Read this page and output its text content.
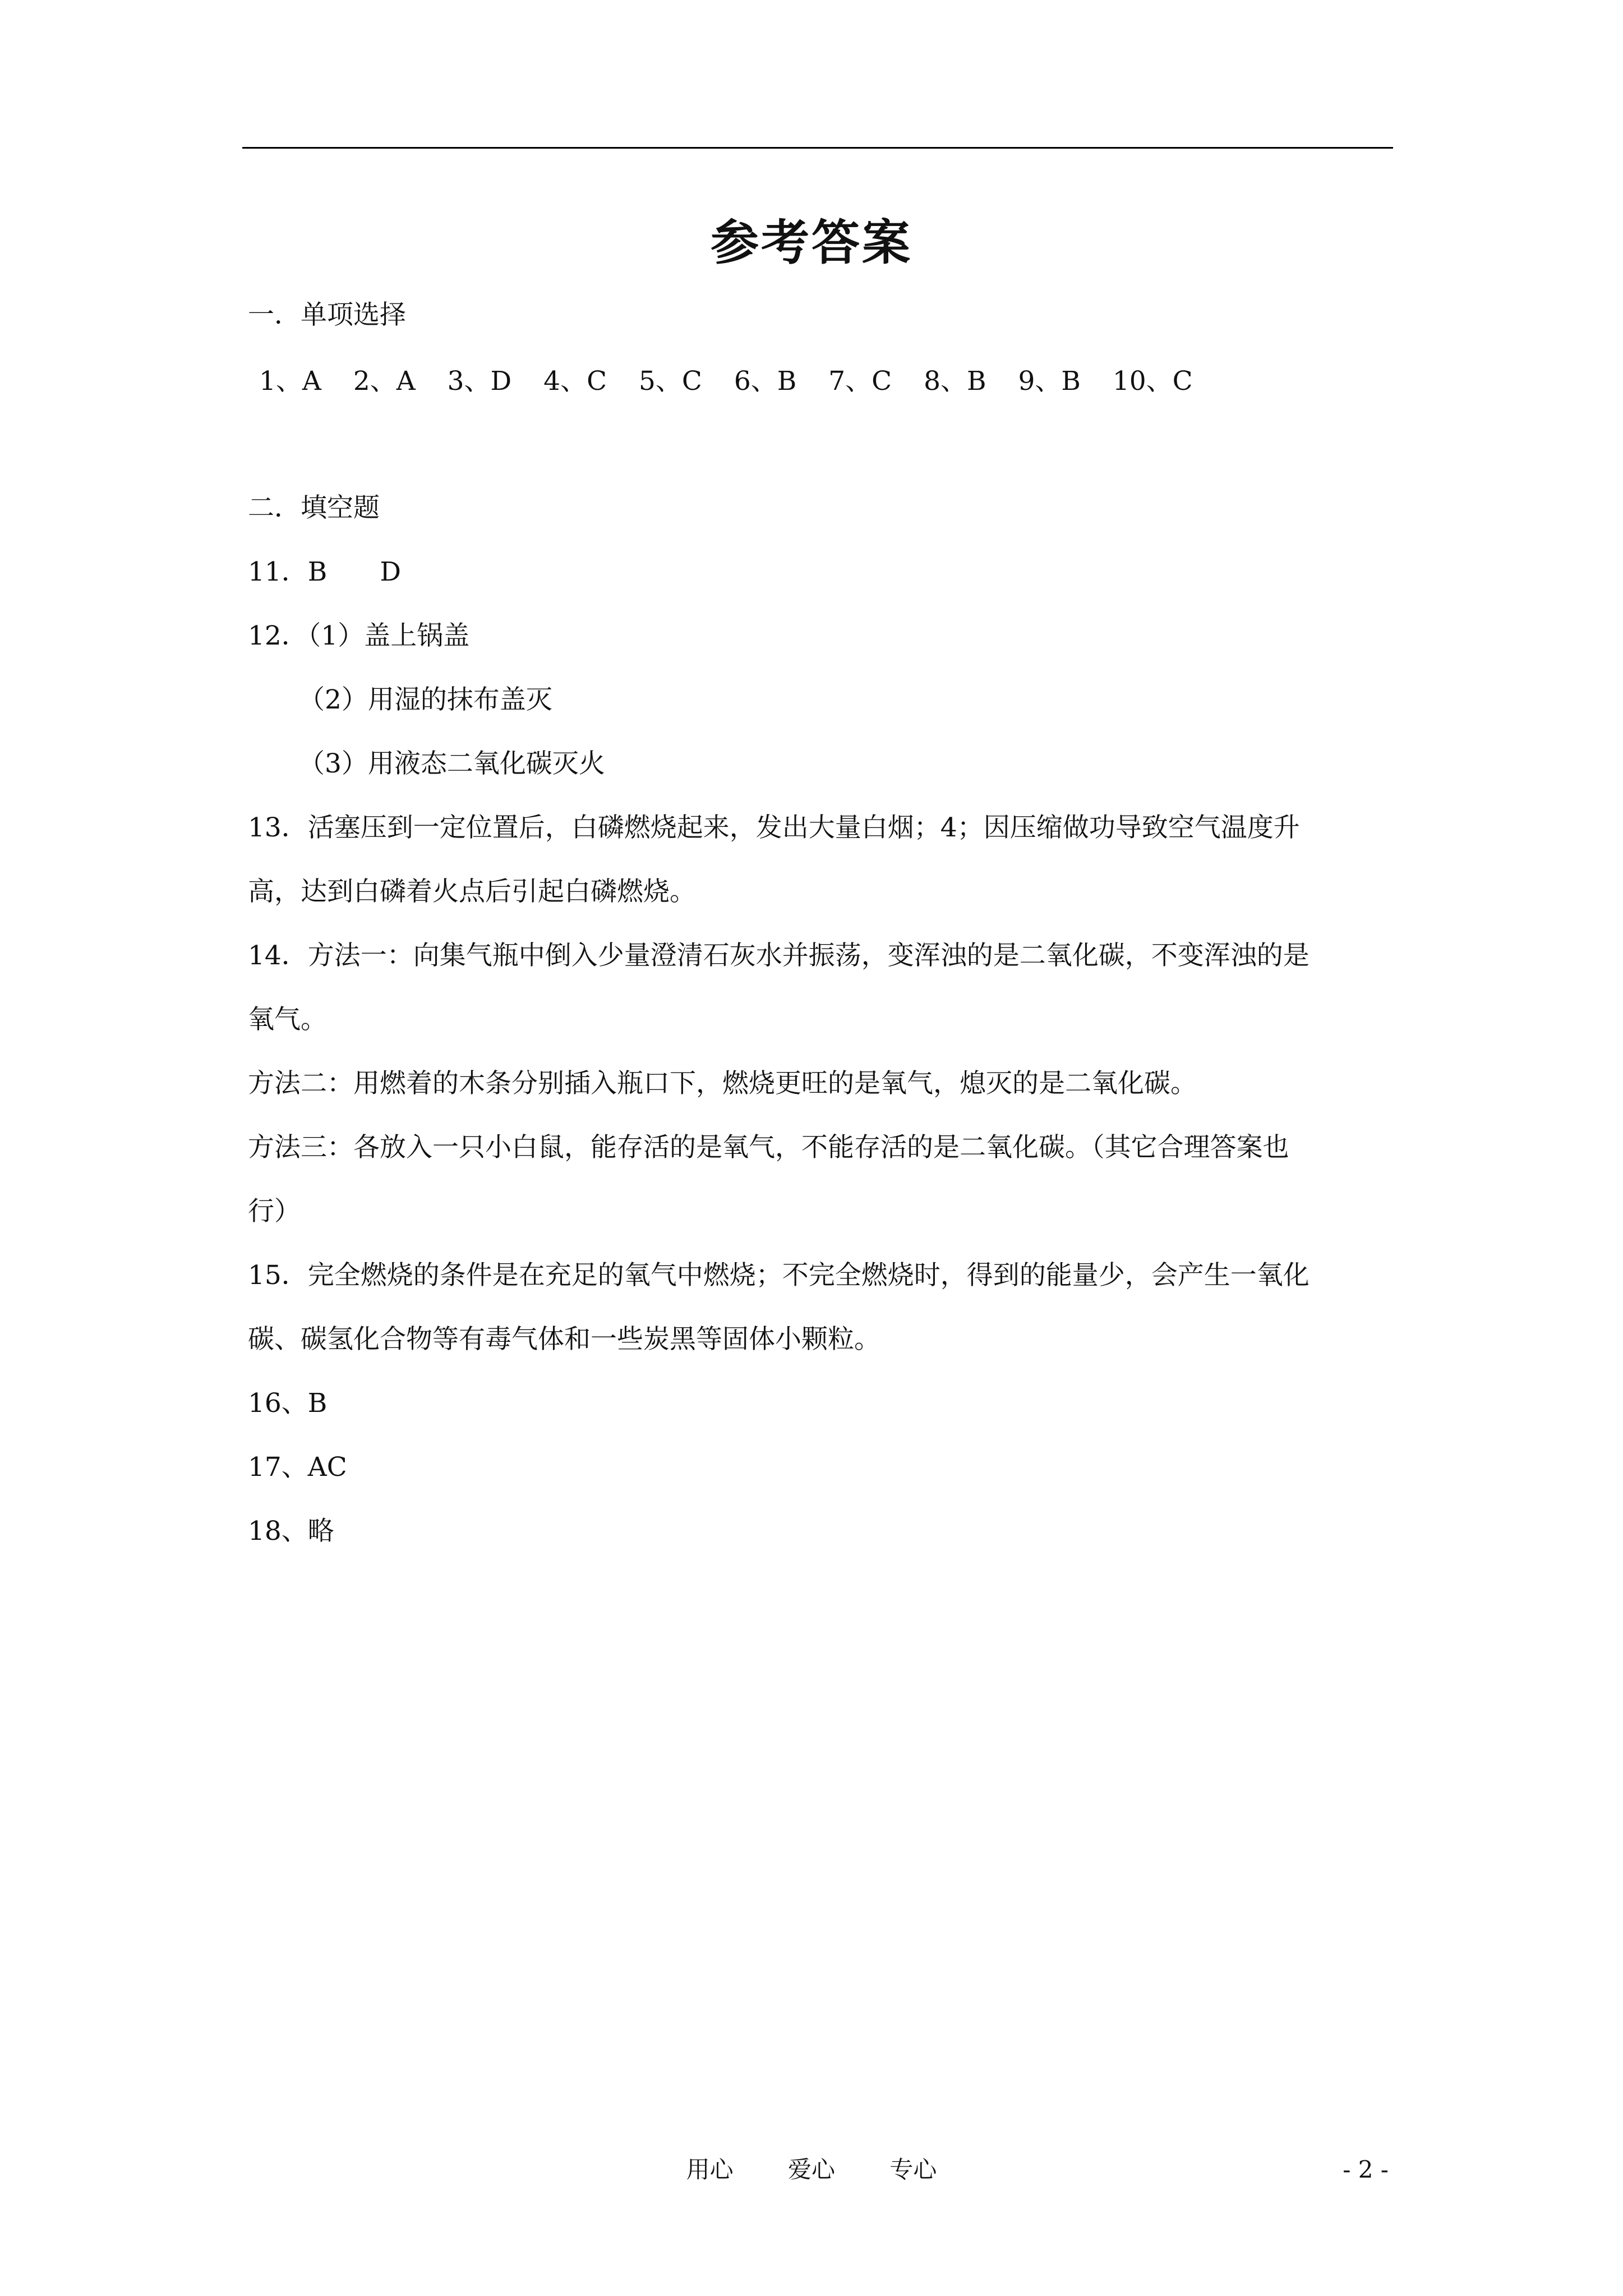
参考答案
一．单项选择
1、A 2、A 3、D 4、C 5、C 6、B 7、C 8、B 9、B 10、C
二．填空题
11．B　　D
12．（1）盖上锅盖
（2）用湿的抹布盖灭
（3）用液态二氧化碳灭火
13．活塞压到一定位置后，白磷燃烧起来，发出大量白烟；4；因压缩做功导致空气温度升
高，达到白磷着火点后引起白磷燃烧。
14．方法一：向集气瓶中倒入少量澄清石灰水并振荡，变浑浊的是二氧化碳，不变浑浊的是
氧气。
方法二：用燃着的木条分别插入瓶口下，燃烧更旺的是氧气，熄灭的是二氧化碳。
方法三：各放入一只小白鼠，能存活的是氧气，不能存活的是二氧化碳。（其它合理答案也
行）
15．完全燃烧的条件是在充足的氧气中燃烧；不完全燃烧时，得到的能量少，会产生一氧化
碳、碳氢化合物等有毒气体和一些炭黑等固体小颗粒。
16、B
17、AC
18、略
用心 爱心 专心	- 2 -
